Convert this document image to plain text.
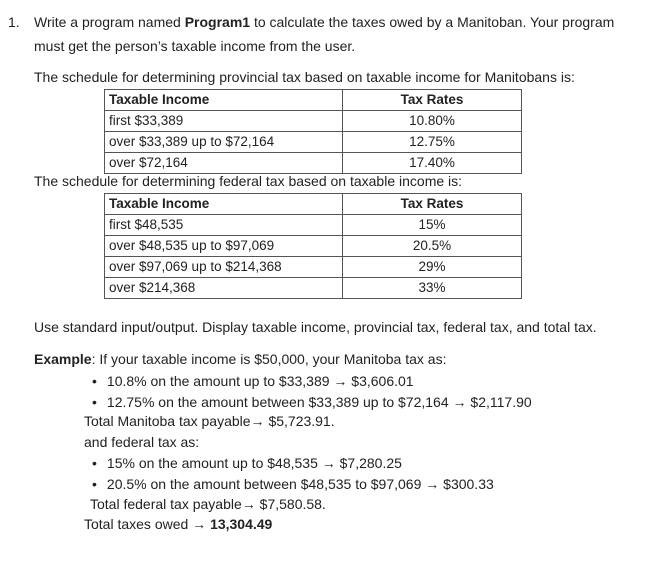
1. Write a program named Program1 to calculate the taxes owed by a Manitoban. Your program
must get the person’s taxable income from the user.
The schedule for determining provincial tax based on taxable income for Manitobans is:
Taxable Income	Tax Rates
first $33,389	10.80%
over $33,389 up to $72,164	12.75%
over $72,164	17.40%
The schedule for determining federal tax based on taxable income is:
Taxable Income	Tax Rates
first $48,535	15%
over $48,535 up to $97,069	20.5%
over $97,069 up to $214,368	29%
over $214,368	33%
Use standard input/output. Display taxable income, provincial tax, federal tax, and total tax.
Example: If your taxable income is $50,000, your Manitoba tax as:
• 10.8% on the amount up to $33,389 → $3,606.01
• 12.75% on the amount between $33,389 up to $72,164 → $2,117.90
Total Manitoba tax payable→ $5,723.91.
and federal tax as:
• 15% on the amount up to $48,535 → $7,280.25
• 20.5% on the amount between $48,535 to $97,069 → $300.33
Total federal tax payable→ $7,580.58.
Total taxes owed → 13,304.49
